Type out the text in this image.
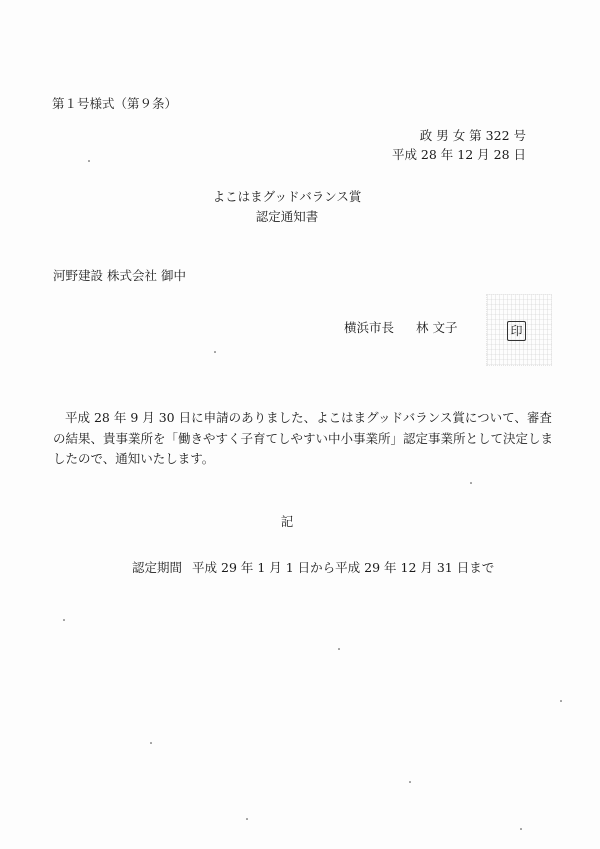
第１号様式（第９条）
政 男 女 第 322 号
平成 28 年 12 月 28 日
よこはまグッドバランス賞
認定通知書
河野建設 株式会社 御中
横浜市長 林 文子	印

平成 28 年 9 月 30 日に申請のありました、よこはまグッドバランス賞について、審査の結果、貴事業所を「働きやすく子育てしやすい中小事業所」認定事業所として決定しましたので、通知いたします。

記
認定期間 平成 29 年 1 月 1 日から平成 29 年 12 月 31 日まで
